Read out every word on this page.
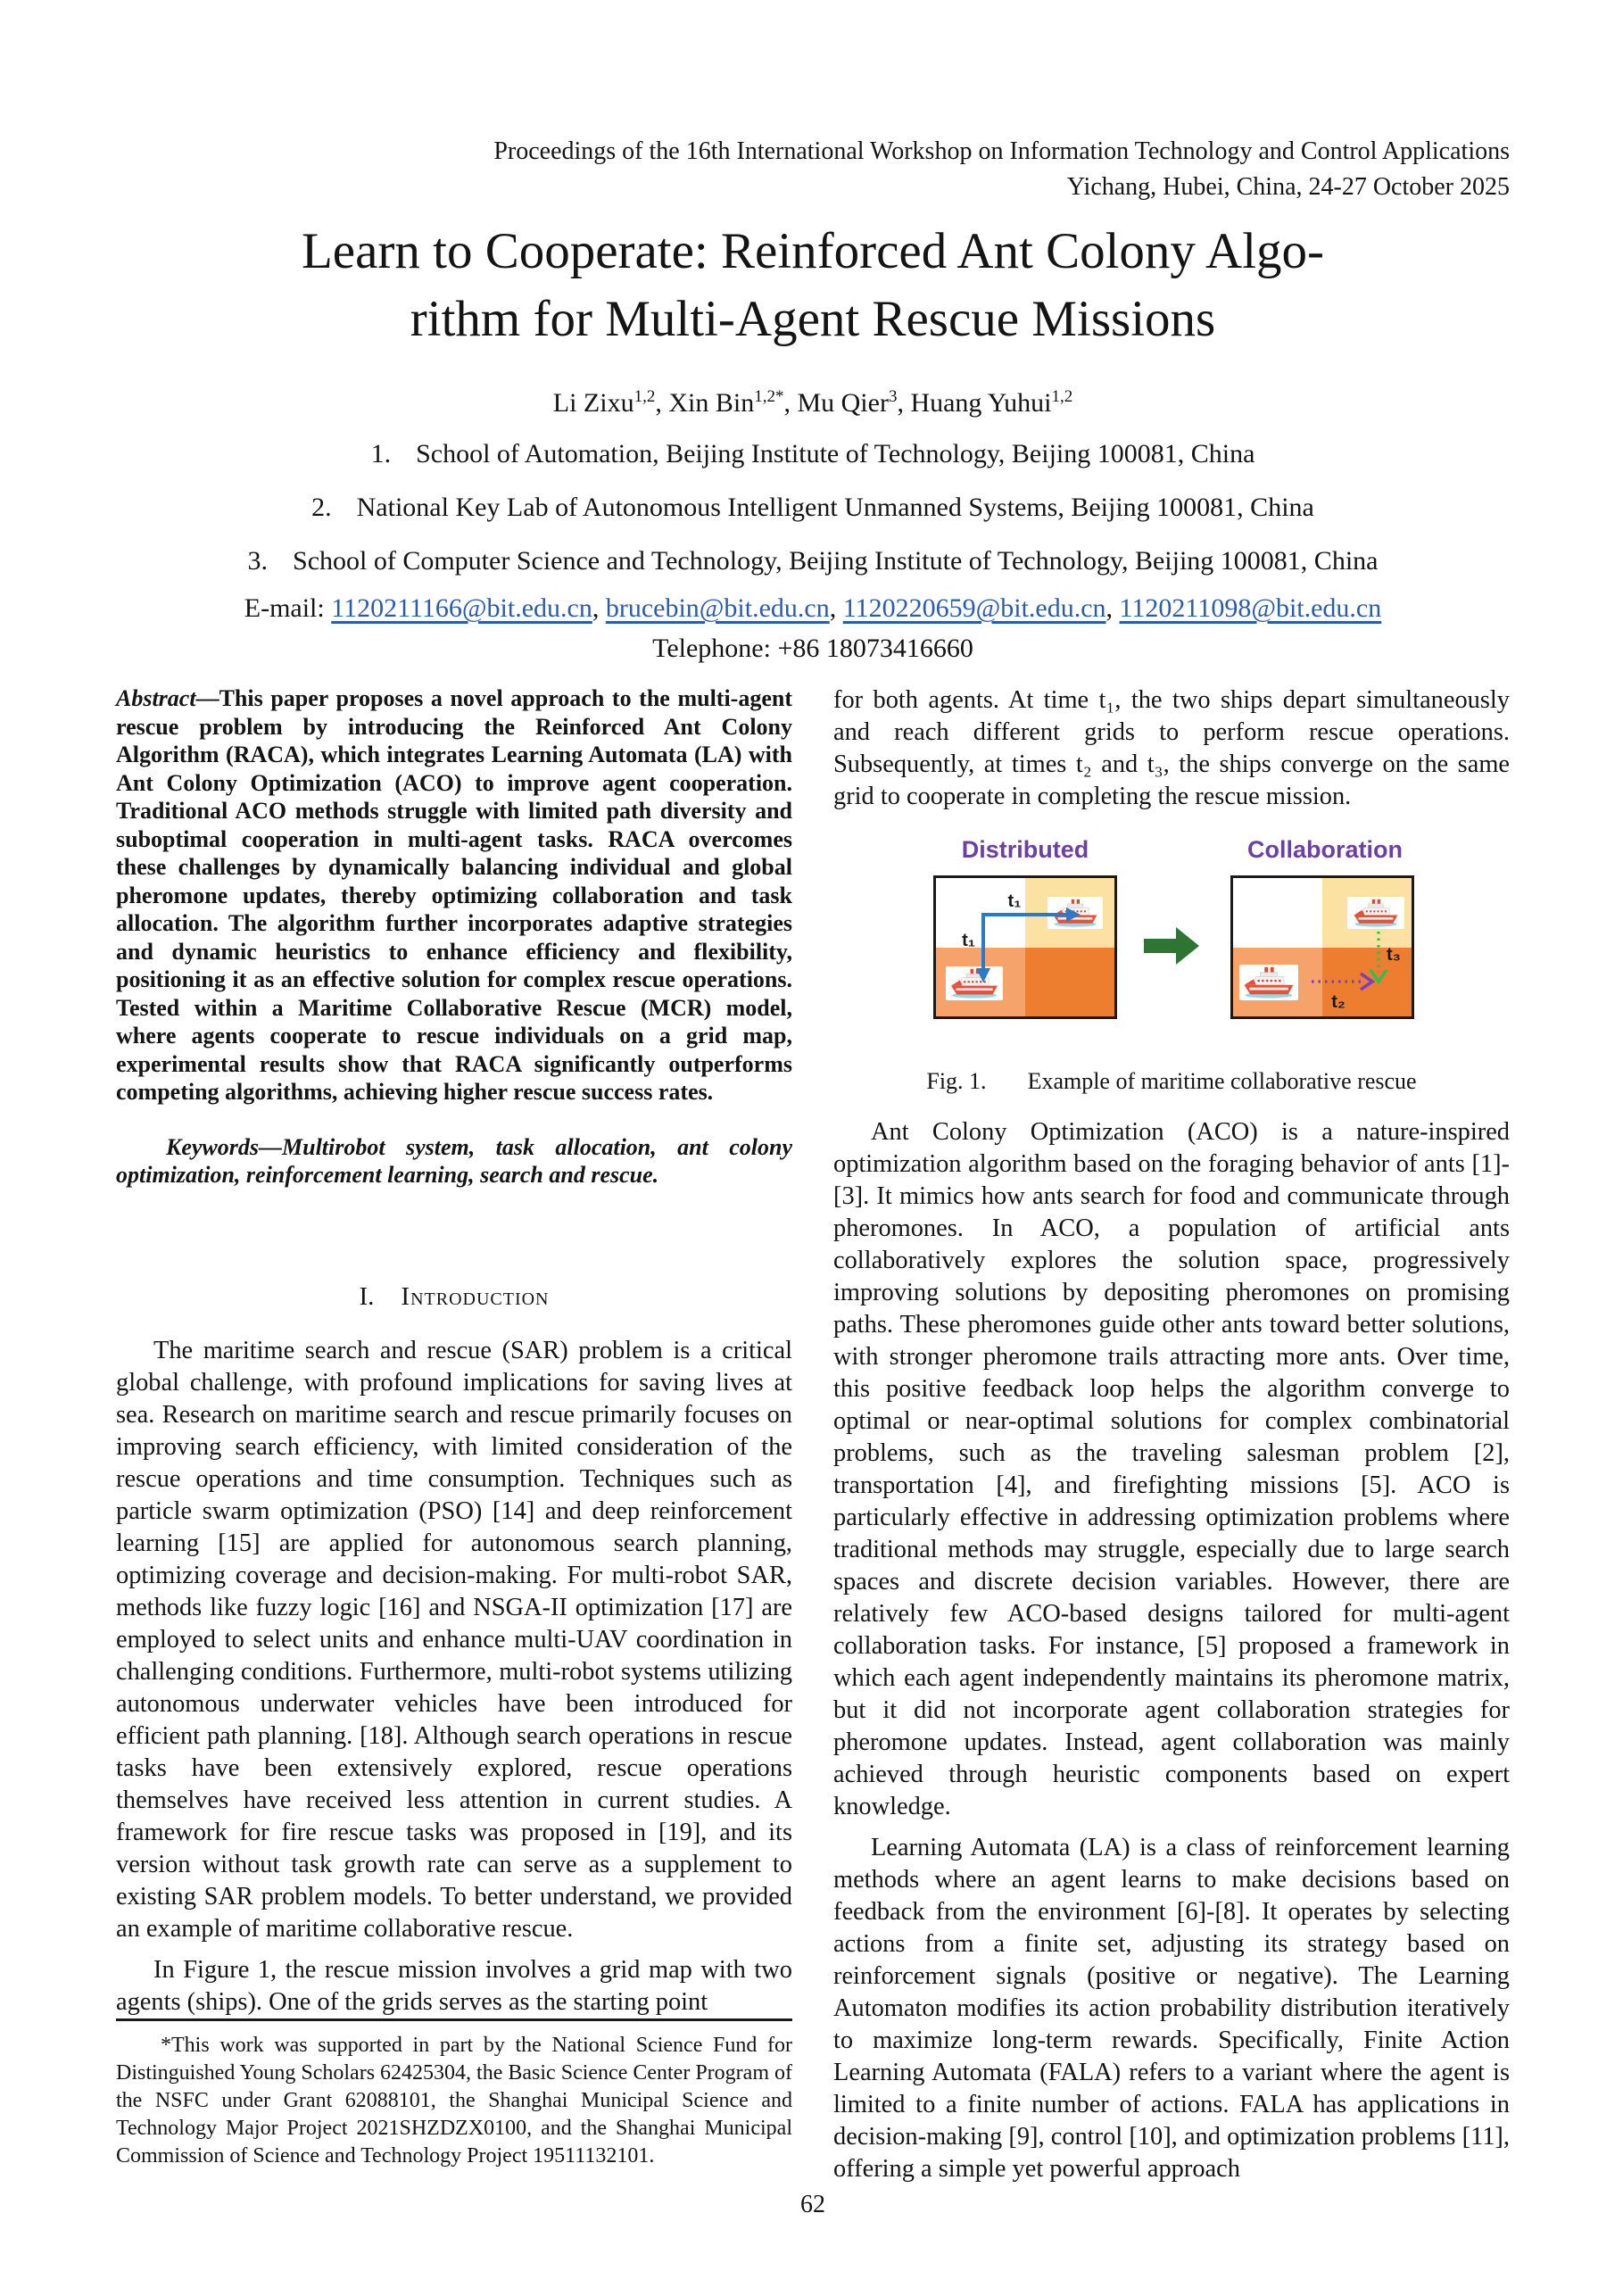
Proceedings of the 16th International Workshop on Information Technology and Control Applications
Yichang, Hubei, China, 24-27 October 2025
Learn to Cooperate: Reinforced Ant Colony Algo-
rithm for Multi-Agent Rescue Missions
Li Zixu$^{1,2}$, Xin Bin$^{1,2*}$, Mu Qier$^3$, Huang Yuhui$^{1,2}$
1. School of Automation, Beijing Institute of Technology, Beijing 100081, China
2. National Key Lab of Autonomous Intelligent Unmanned Systems, Beijing 100081, China
3. School of Computer Science and Technology, Beijing Institute of Technology, Beijing 100081, China
E-mail: 1120211166@bit.edu.cn, brucebin@bit.edu.cn, 1120220659@bit.edu.cn, 1120211098@bit.edu.cn
Telephone: +86 18073416660

Abstract—This paper proposes a novel approach to the multi-agent rescue problem by introducing the Reinforced Ant Colony Algorithm (RACA), which integrates Learning Automata (LA) with Ant Colony Optimization (ACO) to improve agent cooperation. Traditional ACO methods struggle with limited path diversity and suboptimal cooperation in multi-agent tasks. RACA overcomes these challenges by dynamically balancing individual and global pheromone updates, thereby optimizing collaboration and task allocation. The algorithm further incorporates adaptive strategies and dynamic heuristics to enhance efficiency and flexibility, positioning it as an effective solution for complex rescue operations. Tested within a Maritime Collaborative Rescue (MCR) model, where agents cooperate to rescue individuals on a grid map, experimental results show that RACA significantly outperforms competing algorithms, achieving higher rescue success rates.

Keywords—Multirobot system, task allocation, ant colony optimization, reinforcement learning, search and rescue.

I. Introduction

The maritime search and rescue (SAR) problem is a critical global challenge, with profound implications for saving lives at sea. Research on maritime search and rescue primarily focuses on improving search efficiency, with limited consideration of the rescue operations and time consumption. Techniques such as particle swarm optimization (PSO) [14] and deep reinforcement learning [15] are applied for autonomous search planning, optimizing coverage and decision-making. For multi-robot SAR, methods like fuzzy logic [16] and NSGA-II optimization [17] are employed to select units and enhance multi-UAV coordination in challenging conditions. Furthermore, multi-robot systems utilizing autonomous underwater vehicles have been introduced for efficient path planning. [18]. Although search operations in rescue tasks have been extensively explored, rescue operations themselves have received less attention in current studies. A framework for fire rescue tasks was proposed in [19], and its version without task growth rate can serve as a supplement to existing SAR problem models. To better understand, we provided an example of maritime collaborative rescue.

In Figure 1, the rescue mission involves a grid map with two agents (ships). One of the grids serves as the starting point

*This work was supported in part by the National Science Fund for Distinguished Young Scholars 62425304, the Basic Science Center Program of the NSFC under Grant 62088101, the Shanghai Municipal Science and Technology Major Project 2021SHZDZX0100, and the Shanghai Municipal Commission of Science and Technology Project 19511132101.

for both agents. At time t₁, the two ships depart simultaneously and reach different grids to perform rescue operations. Subsequently, at times t₂ and t₃, the ships converge on the same grid to cooperate in completing the rescue mission.

Distributed	Collaboration
t₁
t₁
t₃
t₂
Fig. 1. Example of maritime collaborative rescue

Ant Colony Optimization (ACO) is a nature-inspired optimization algorithm based on the foraging behavior of ants [1]-[3]. It mimics how ants search for food and communicate through pheromones. In ACO, a population of artificial ants collaboratively explores the solution space, progressively improving solutions by depositing pheromones on promising paths. These pheromones guide other ants toward better solutions, with stronger pheromone trails attracting more ants. Over time, this positive feedback loop helps the algorithm converge to optimal or near-optimal solutions for complex combinatorial problems, such as the traveling salesman problem [2], transportation [4], and firefighting missions [5]. ACO is particularly effective in addressing optimization problems where traditional methods may struggle, especially due to large search spaces and discrete decision variables. However, there are relatively few ACO-based designs tailored for multi-agent collaboration tasks. For instance, [5] proposed a framework in which each agent independently maintains its pheromone matrix, but it did not incorporate agent collaboration strategies for pheromone updates. Instead, agent collaboration was mainly achieved through heuristic components based on expert knowledge.

Learning Automata (LA) is a class of reinforcement learning methods where an agent learns to make decisions based on feedback from the environment [6]-[8]. It operates by selecting actions from a finite set, adjusting its strategy based on reinforcement signals (positive or negative). The Learning Automaton modifies its action probability distribution iteratively to maximize long-term rewards. Specifically, Finite Action Learning Automata (FALA) refers to a variant where the agent is limited to a finite number of actions. FALA has applications in decision-making [9], control [10], and optimization problems [11], offering a simple yet powerful approach

62
